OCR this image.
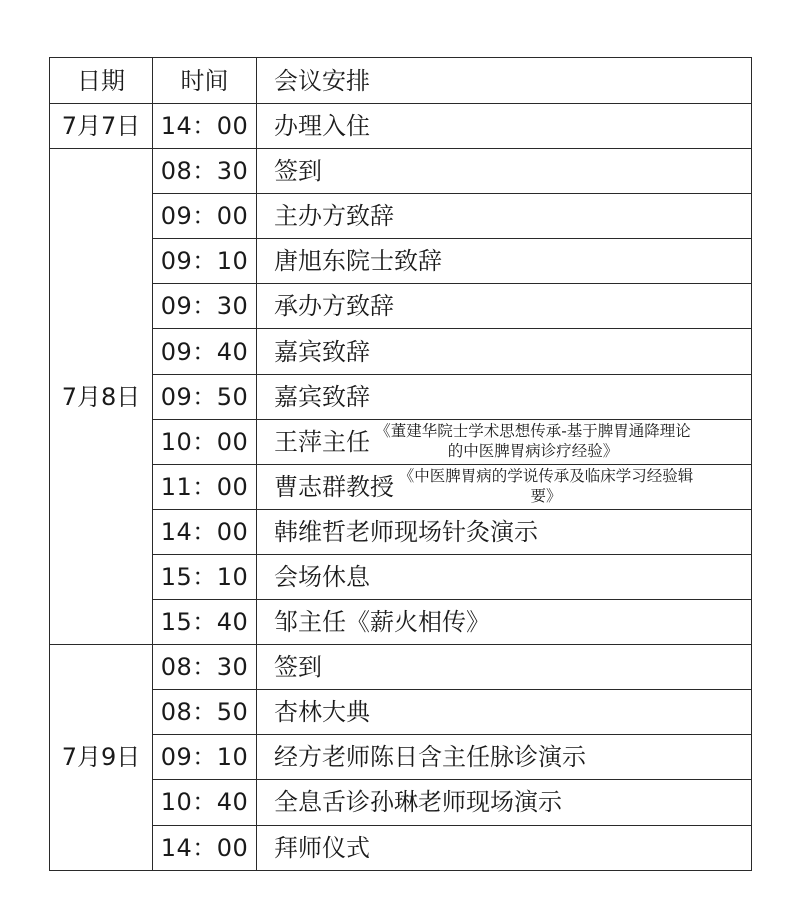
日期	时间	会议安排
7月7日	14：00	办理入住
7月8日	08：30	签到
	09：00	主办方致辞
	09：10	唐旭东院士致辞
	09：30	承办方致辞
	09：40	嘉宾致辞
	09：50	嘉宾致辞
	10：00	王萍主任 《董建华院士学术思想传承-基于脾胃通降理论的中医脾胃病诊疗经验》

	11：00	曹志群教授 《中医脾胃病的学说传承及临床学习经验辑要》

	14：00	韩维哲老师现场针灸演示
	15：10	会场休息
	15：40	邹主任《薪火相传》
7月9日	08：30	签到
	08：50	杏林大典
	09：10	经方老师陈日含主任脉诊演示
	10：40	全息舌诊孙琳老师现场演示
	14：00	拜师仪式
